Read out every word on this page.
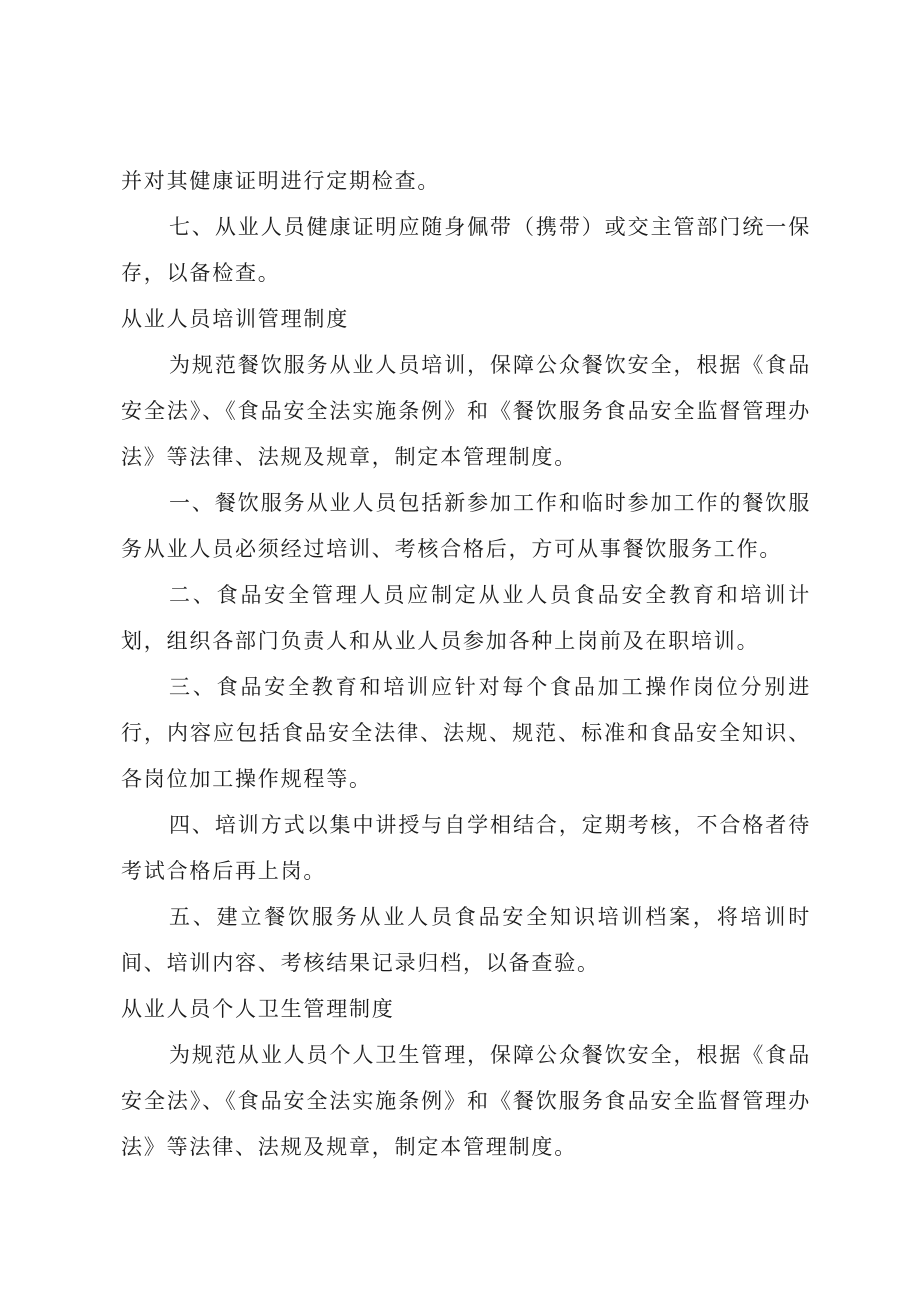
并对其健康证明进行定期检查。

七、从业人员健康证明应随身佩带（携带）或交主管部门统一保存，以备检查。

从业人员培训管理制度

为规范餐饮服务从业人员培训，保障公众餐饮安全，根据《食品安全法》、《食品安全法实施条例》和《餐饮服务食品安全监督管理办法》等法律、法规及规章，制定本管理制度。

一、餐饮服务从业人员包括新参加工作和临时参加工作的餐饮服务从业人员必须经过培训、考核合格后，方可从事餐饮服务工作。

二、食品安全管理人员应制定从业人员食品安全教育和培训计划，组织各部门负责人和从业人员参加各种上岗前及在职培训。

三、食品安全教育和培训应针对每个食品加工操作岗位分别进行，内容应包括食品安全法律、法规、规范、标准和食品安全知识、各岗位加工操作规程等。

四、培训方式以集中讲授与自学相结合，定期考核，不合格者待考试合格后再上岗。

五、建立餐饮服务从业人员食品安全知识培训档案，将培训时间、培训内容、考核结果记录归档，以备查验。

从业人员个人卫生管理制度

为规范从业人员个人卫生管理，保障公众餐饮安全，根据《食品安全法》、《食品安全法实施条例》和《餐饮服务食品安全监督管理办法》等法律、法规及规章，制定本管理制度。
